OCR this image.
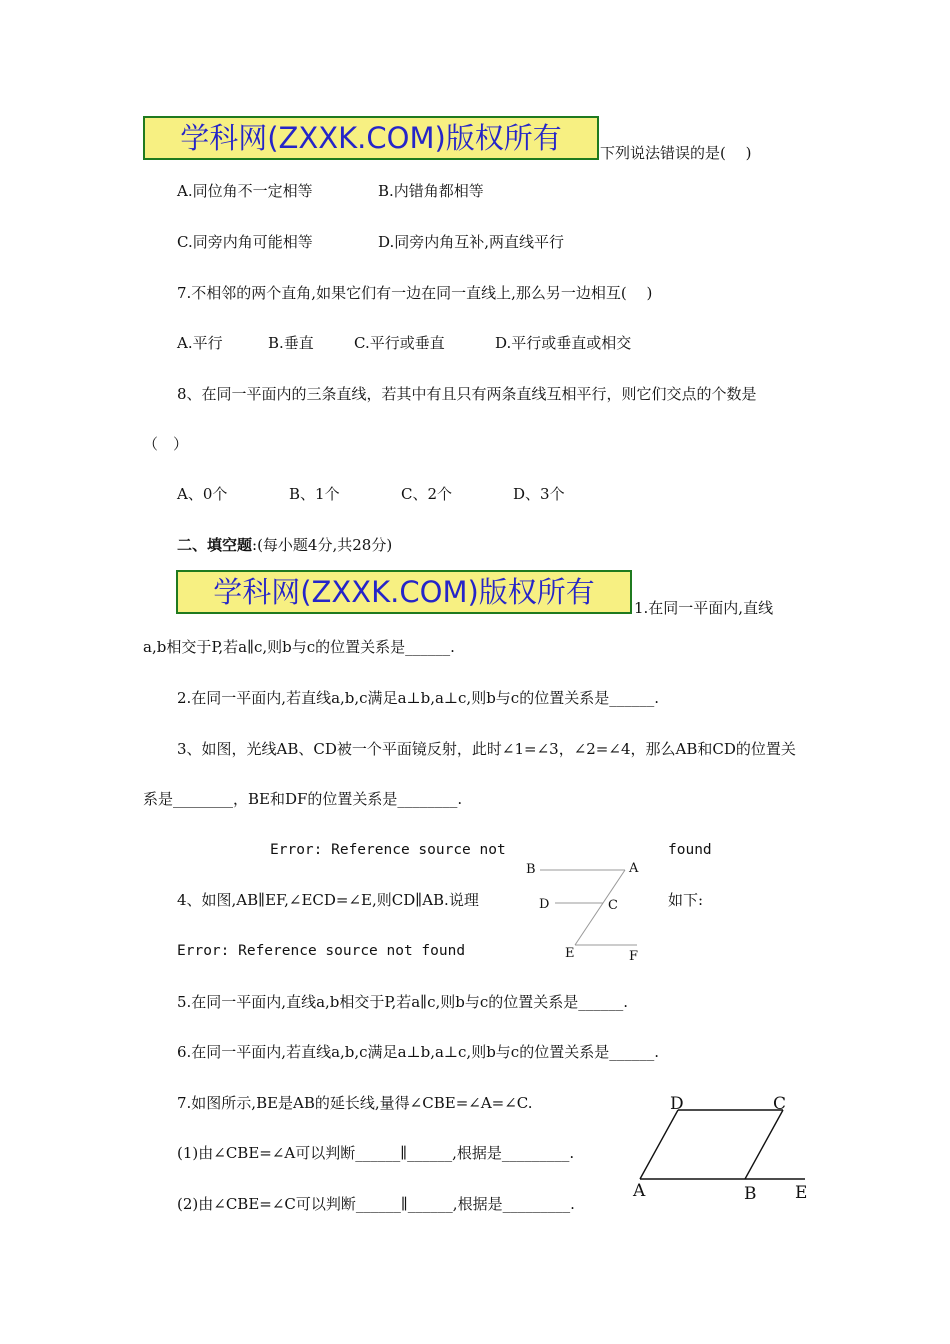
学科网(ZXXK.COM)版权所有	下列说法错误的是(　 )
A.同位角不一定相等	B.内错角都相等
C.同旁内角可能相等	D.同旁内角互补,两直线平行
7.不相邻的两个直角,如果它们有一边在同一直线上,那么另一边相互(　 )
A.平行	B.垂直	C.平行或垂直	D.平行或垂直或相交
8、在同一平面内的三条直线，若其中有且只有两条直线互相平行，则它们交点的个数是
（　）
A、0个	B、1个	C、2个	D、3个
二、填空题:(每小题4分,共28分)
学科网(ZXXK.COM)版权所有	1.在同一平面内,直线
a,b相交于P,若a∥c,则b与c的位置关系是______.
2.在同一平面内,若直线a,b,c满足a⊥b,a⊥c,则b与c的位置关系是______.
3、如图，光线AB、CD被一个平面镜反射，此时∠1=∠3，∠2=∠4，那么AB和CD的位置关
系是________，BE和DF的位置关系是________.
Error: Reference source not	found
4、如图,AB∥EF,∠ECD=∠E,则CD∥AB.说理	如下:
Error: Reference source not found
B	A
D	C
E	F
5.在同一平面内,直线a,b相交于P,若a∥c,则b与c的位置关系是______.
6.在同一平面内,若直线a,b,c满足a⊥b,a⊥c,则b与c的位置关系是______.
7.如图所示,BE是AB的延长线,量得∠CBE=∠A=∠C.
(1)由∠CBE=∠A可以判断______∥______,根据是_________.
(2)由∠CBE=∠C可以判断______∥______,根据是_________.
D	C
A	B E
